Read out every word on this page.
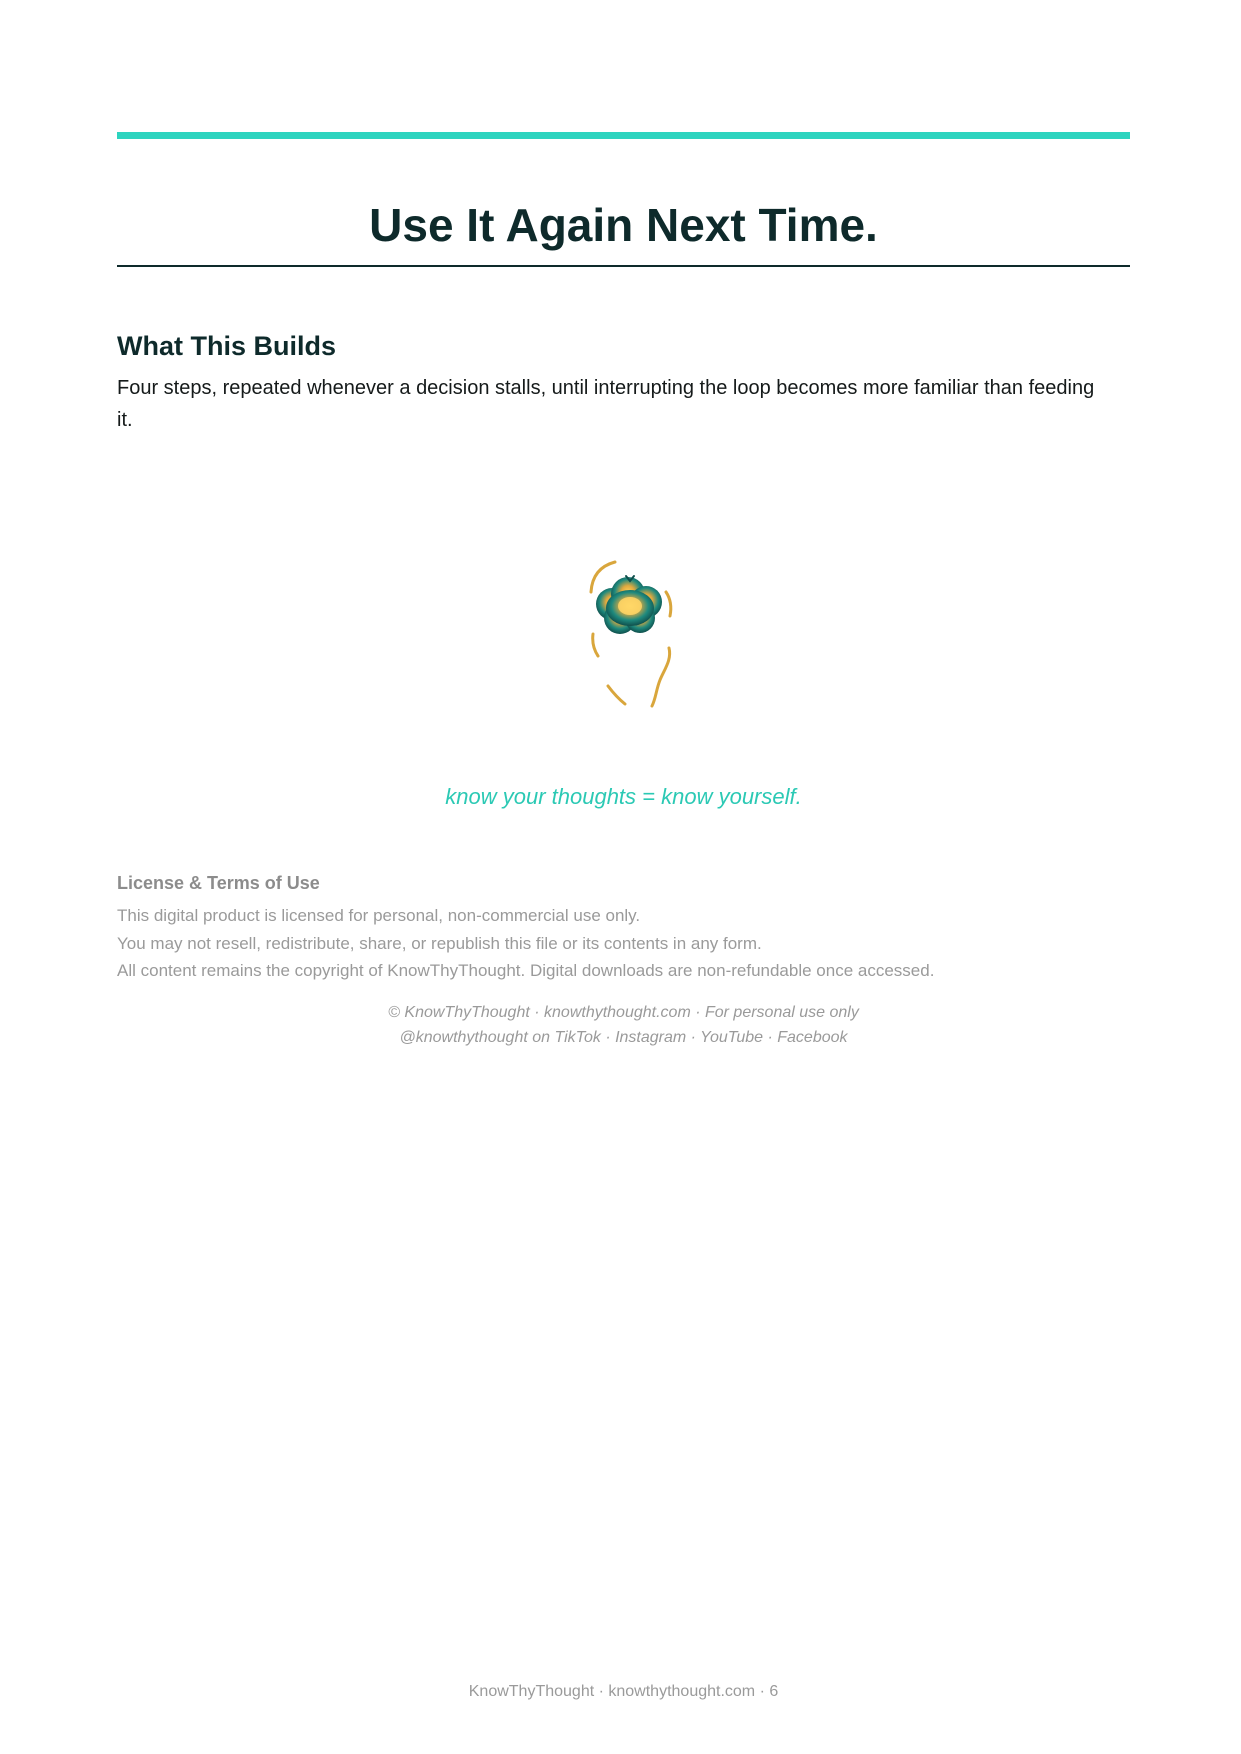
Use It Again Next Time.
What This Builds

Four steps, repeated whenever a decision stalls, until interrupting the loop becomes more familiar than feeding it.

know your thoughts = know yourself.

License & Terms of Use
This digital product is licensed for personal, non-commercial use only.
You may not resell, redistribute, share, or republish this file or its contents in any form.
All content remains the copyright of KnowThyThought. Digital downloads are non-refundable once accessed.

© KnowThyThought · knowthythought.com · For personal use only

@knowthythought on TikTok · Instagram · YouTube · Facebook

KnowThyThought · knowthythought.com · 6
